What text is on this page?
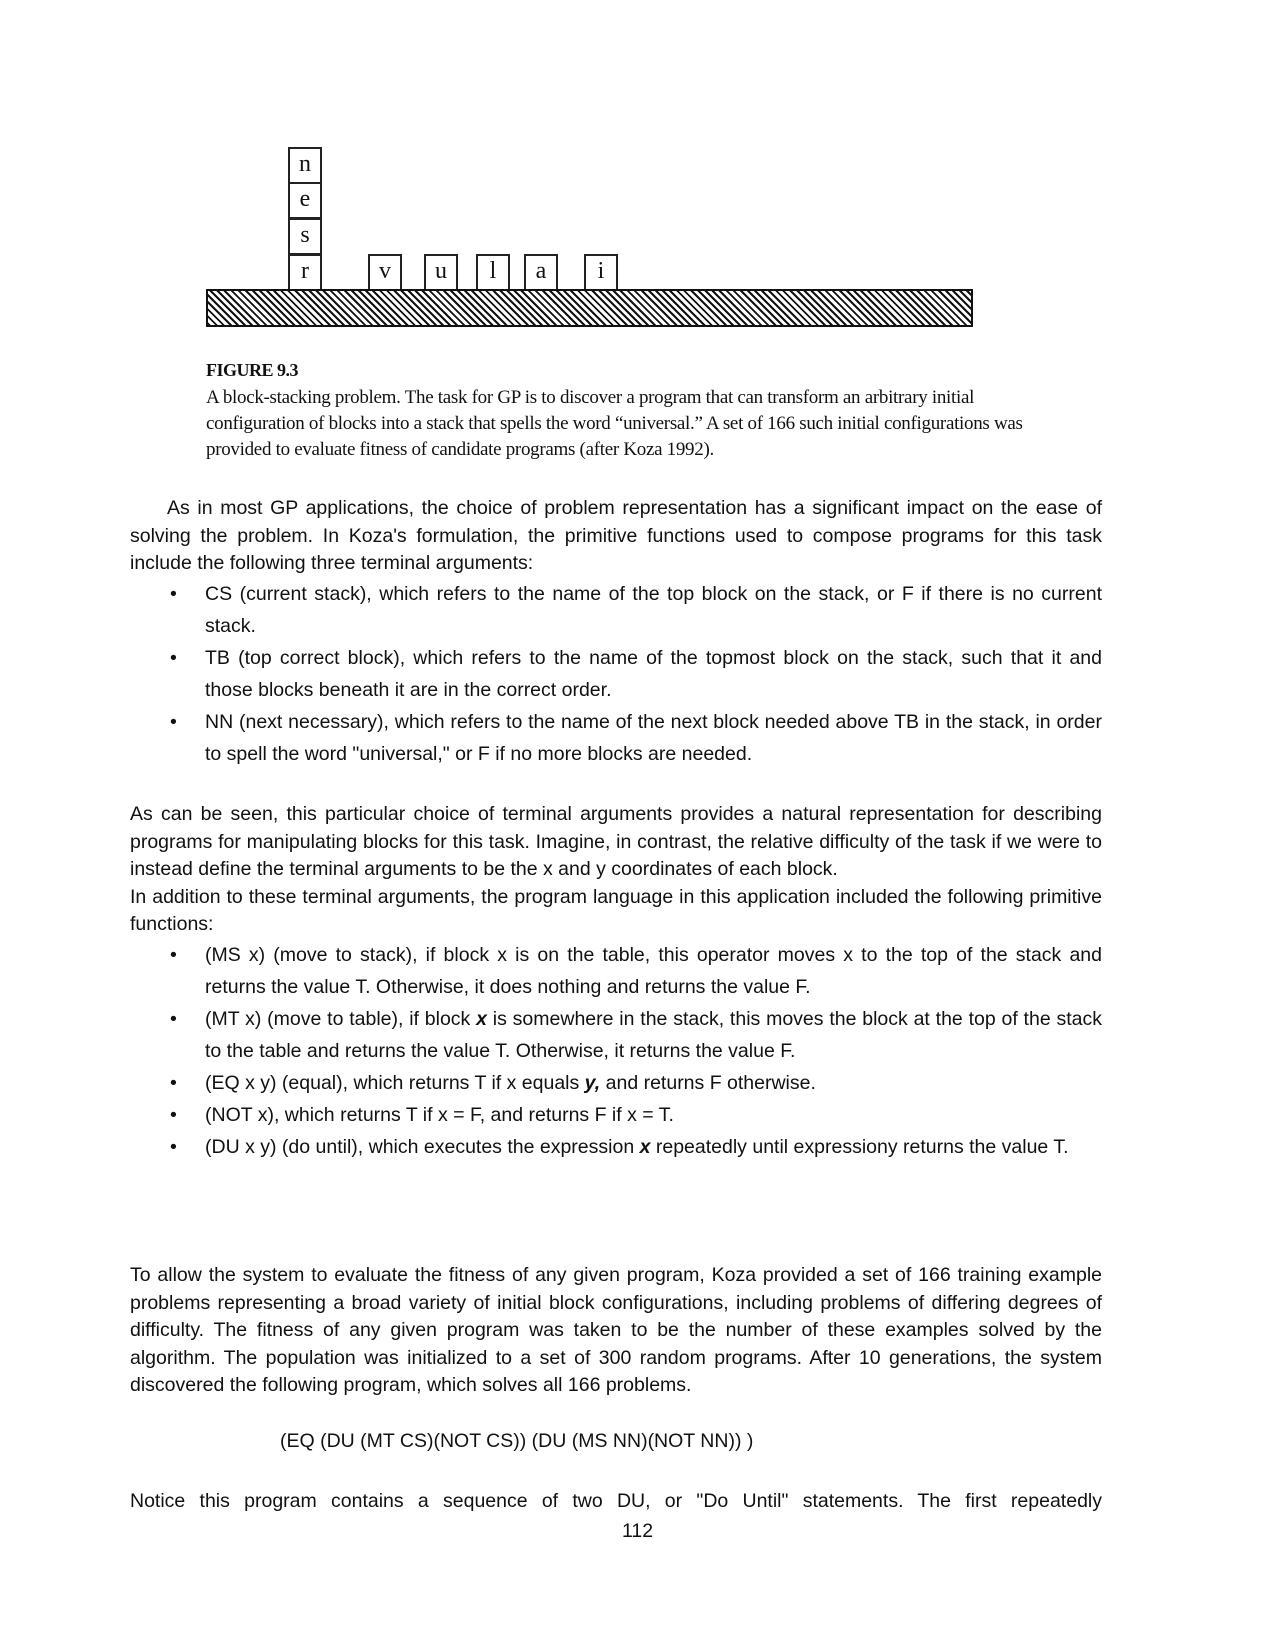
n
e
s
r	v	u	l	a	i
FIGURE 9.3
A block-stacking problem. The task for GP is to discover a program that can transform an arbitrary initial configuration of blocks into a stack that spells the word “universal.” A set of 166 such initial configurations was provided to evaluate fitness of candidate programs (after Koza 1992).

As in most GP applications, the choice of problem representation has a significant impact on the ease of solving the problem. In Koza's formulation, the primitive functions used to compose programs for this task include the following three terminal arguments:

• CS (current stack), which refers to the name of the top block on the stack, or F if there is no current stack.
• TB (top correct block), which refers to the name of the topmost block on the stack, such that it and those blocks beneath it are in the correct order.
• NN (next necessary), which refers to the name of the next block needed above TB in the stack, in order to spell the word "universal," or F if no more blocks are needed.

As can be seen, this particular choice of terminal arguments provides a natural representation for describing programs for manipulating blocks for this task. Imagine, in contrast, the relative difficulty of the task if we were to instead define the terminal arguments to be the x and y coordinates of each block.

In addition to these terminal arguments, the program language in this application included the following primitive functions:

• (MS x) (move to stack), if block x is on the table, this operator moves x to the top of the stack and returns the value T. Otherwise, it does nothing and returns the value F.
• (MT x) (move to table), if block x is somewhere in the stack, this moves the block at the top of the stack to the table and returns the value T. Otherwise, it returns the value F.
• (EQ x y) (equal), which returns T if x equals y, and returns F otherwise.
• (NOT x), which returns T if x = F, and returns F if x = T.
• (DU x y) (do until), which executes the expression x repeatedly until expressiony returns the value T.

To allow the system to evaluate the fitness of any given program, Koza provided a set of 166 training example problems representing a broad variety of initial block configurations, including problems of differing degrees of difficulty. The fitness of any given program was taken to be the number of these examples solved by the algorithm. The population was initialized to a set of 300 random programs. After 10 generations, the system discovered the following program, which solves all 166 problems.

(EQ (DU (MT CS)(NOT CS)) (DU (MS NN)(NOT NN)) )

Notice this program contains a sequence of two DU, or "Do Until" statements. The first repeatedly

112
